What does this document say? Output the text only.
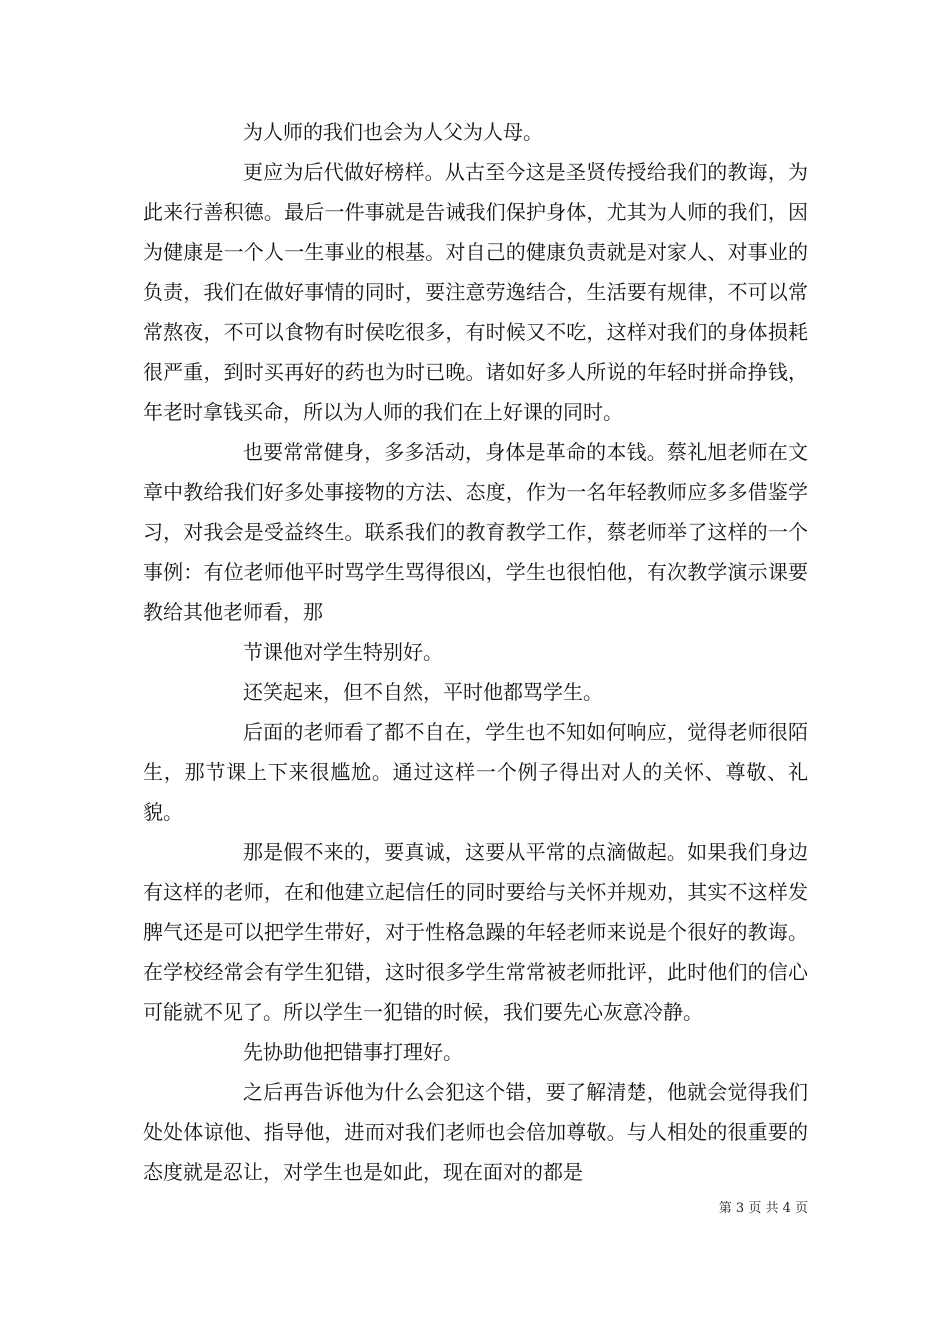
为人师的我们也会为人父为人母。

更应为后代做好榜样。从古至今这是圣贤传授给我们的教诲，为此来行善积德。最后一件事就是告诫我们保护身体，尤其为人师的我们，因为健康是一个人一生事业的根基。对自己的健康负责就是对家人、对事业的负责，我们在做好事情的同时，要注意劳逸结合，生活要有规律，不可以常常熬夜，不可以食物有时侯吃很多，有时候又不吃，这样对我们的身体损耗很严重，到时买再好的药也为时已晚。诸如好多人所说的年轻时拼命挣钱，年老时拿钱买命，所以为人师的我们在上好课的同时。

也要常常健身，多多活动，身体是革命的本钱。蔡礼旭老师在文章中教给我们好多处事接物的方法、态度，作为一名年轻教师应多多借鉴学习，对我会是受益终生。联系我们的教育教学工作，蔡老师举了这样的一个事例：有位老师他平时骂学生骂得很凶，学生也很怕他，有次教学演示课要教给其他老师看，那

节课他对学生特别好。

还笑起来，但不自然，平时他都骂学生。

后面的老师看了都不自在，学生也不知如何响应，觉得老师很陌生，那节课上下来很尴尬。通过这样一个例子得出对人的关怀、尊敬、礼貌。

那是假不来的，要真诚，这要从平常的点滴做起。如果我们身边有这样的老师，在和他建立起信任的同时要给与关怀并规劝，其实不这样发脾气还是可以把学生带好，对于性格急躁的年轻老师来说是个很好的教诲。在学校经常会有学生犯错，这时很多学生常常被老师批评，此时他们的信心可能就不见了。所以学生一犯错的时候，我们要先心灰意冷静。

先协助他把错事打理好。

之后再告诉他为什么会犯这个错，要了解清楚，他就会觉得我们处处体谅他、指导他，进而对我们老师也会倍加尊敬。与人相处的很重要的态度就是忍让，对学生也是如此，现在面对的都是

第 3 页 共 4 页
